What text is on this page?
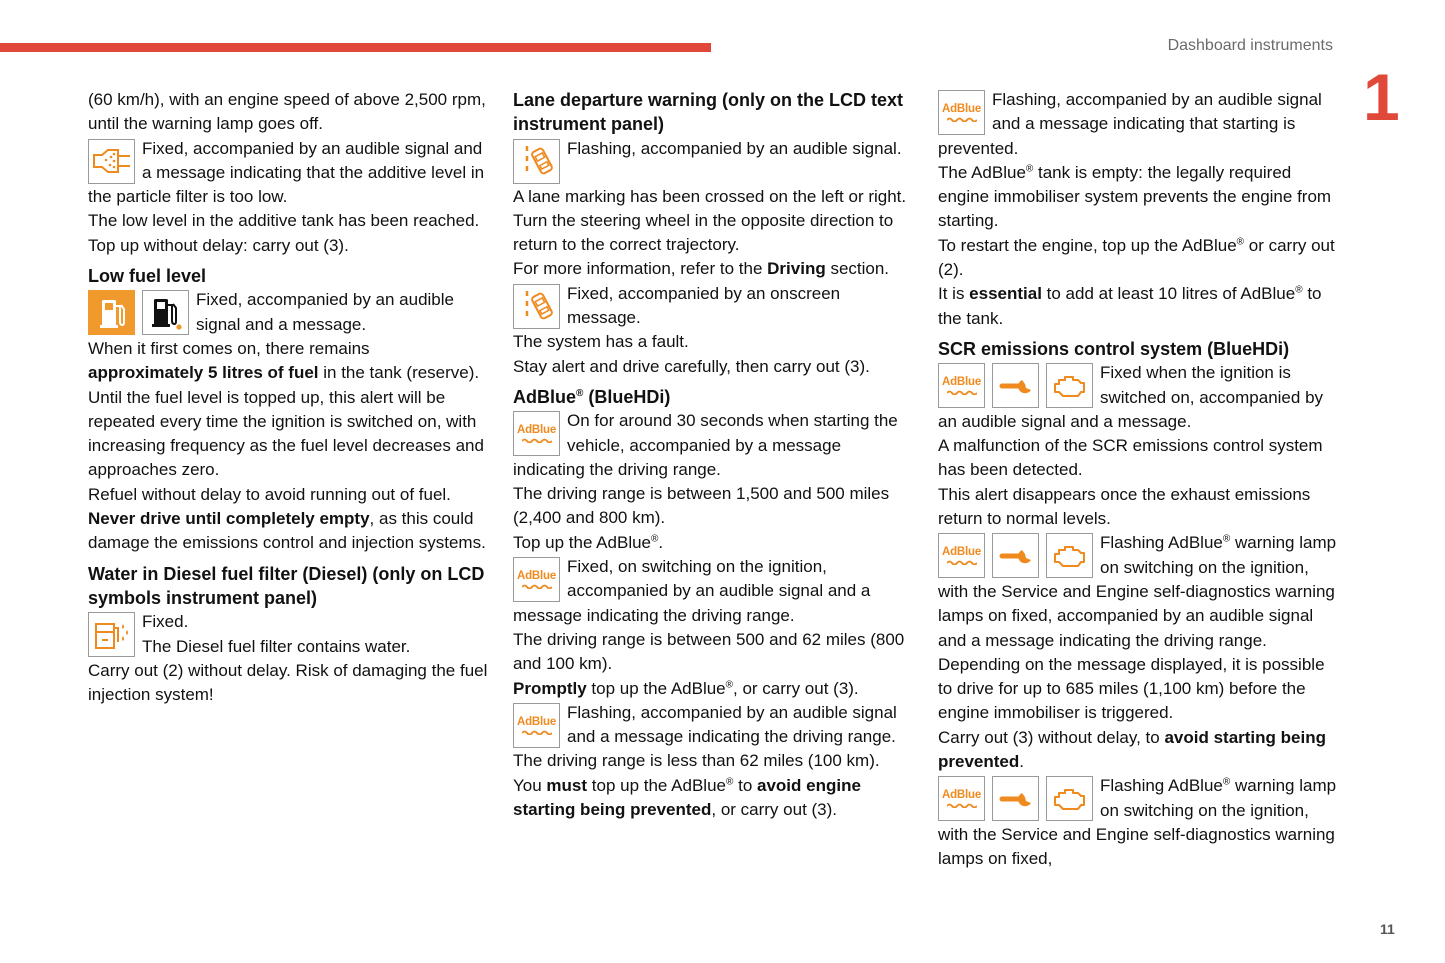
Dashboard instruments
1
11

(60 km/h), with an engine speed of above 2,500 rpm, until the warning lamp goes off.

Fixed, accompanied by an audible signal and a message indicating that the additive level in the particle filter is too low.

The low level in the additive tank has been reached.

Top up without delay: carry out (3).

Low fuel level

Fixed, accompanied by an audible signal and a message.

When it first comes on, there remains approximately 5 litres of fuel in the tank (reserve).

Until the fuel level is topped up, this alert will be repeated every time the ignition is switched on, with increasing frequency as the fuel level decreases and approaches zero.

Refuel without delay to avoid running out of fuel.

Never drive until completely empty, as this could damage the emissions control and injection systems.

Water in Diesel fuel filter (Diesel) (only on LCD symbols instrument panel)

Fixed.

The Diesel fuel filter contains water.

Carry out (2) without delay. Risk of damaging the fuel injection system!

Lane departure warning (only on the LCD text instrument panel)

Flashing, accompanied by an audible signal.

A lane marking has been crossed on the left or right.

Turn the steering wheel in the opposite direction to return to the correct trajectory.

For more information, refer to the Driving section.

Fixed, accompanied by an onscreen message.

The system has a fault.

Stay alert and drive carefully, then carry out (3).

AdBlue® (BlueHDi)
AdBlue On for around 30 seconds when starting the vehicle, accompanied by a message indicating the driving range.

The driving range is between 1,500 and 500 miles (2,400 and 800 km).

Top up the AdBlue®.

AdBlue Fixed, on switching on the ignition, accompanied by an audible signal and a message indicating the driving range.

The driving range is between 500 and 62 miles (800 and 100 km).

Promptly top up the AdBlue®, or carry out (3).

AdBlue Flashing, accompanied by an audible signal and a message indicating the driving range.

The driving range is less than 62 miles (100 km).

You must top up the AdBlue® to avoid engine starting being prevented, or carry out (3).

AdBlue Flashing, accompanied by an audible signal and a message indicating that starting is prevented.

The AdBlue® tank is empty: the legally required engine immobiliser system prevents the engine from starting.

To restart the engine, top up the AdBlue® or carry out (2).

It is essential to add at least 10 litres of AdBlue® to the tank.

SCR emissions control system (BlueHDi)
AdBlue	Fixed when the ignition is switched on, accompanied by an audible signal and a message.

A malfunction of the SCR emissions control system has been detected.

This alert disappears once the exhaust emissions return to normal levels.

AdBlue	Flashing AdBlue® warning lamp on switching on the ignition, with the Service and Engine self-diagnostics warning lamps on fixed, accompanied by an audible signal and a message indicating the driving range.

Depending on the message displayed, it is possible to drive for up to 685 miles (1,100 km) before the engine immobiliser is triggered.

Carry out (3) without delay, to avoid starting being prevented.

AdBlue	Flashing AdBlue® warning lamp on switching on the ignition, with the Service and Engine self-diagnostics warning lamps on fixed,
